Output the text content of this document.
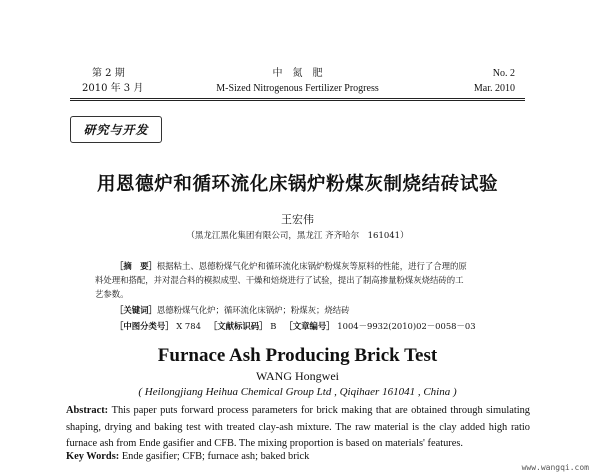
第 2 期
2010 年 3 月
中　氮　肥
M-Sized Nitrogenous Fertilizer Progress
No. 2
Mar. 2010
研究与开发
用恩德炉和循环流化床锅炉粉煤灰制烧结砖试验
王宏伟
（黑龙江黑化集团有限公司，黑龙江 齐齐哈尔　161041）
［摘　要］根据粘土、恩德粉煤气化炉和循环流化床锅炉粉煤灰等原料的性能，进行了合理的原
料处理和搭配，并对混合料的模拟成型、干燥和焙烧进行了试验，提出了制高掺量粉煤灰烧结砖的工
艺参数。
［关键词］恩德粉煤气化炉；循环流化床锅炉；粉煤灰；烧结砖
［中图分类号］ X 784 ［文献标识码］ B ［文章编号］ 1004－9932(2010)02－0058－03
Furnace Ash Producing Brick Test
WANG Hongwei
( Heilongjiang Heihua Chemical Group Ltd , Qiqihaer 161041 , China )
Abstract: This paper puts forward process parameters for brick making that are obtained through simulating shaping, drying and baking test with treated clay-ash mixture. The raw material is the clay added high ratio furnace ash from Ende gasifier and CFB. The mixing proportion is based on materials' features.
Key Words: Ende gasifier; CFB; furnace ash; baked brick
www.wangqi.com
